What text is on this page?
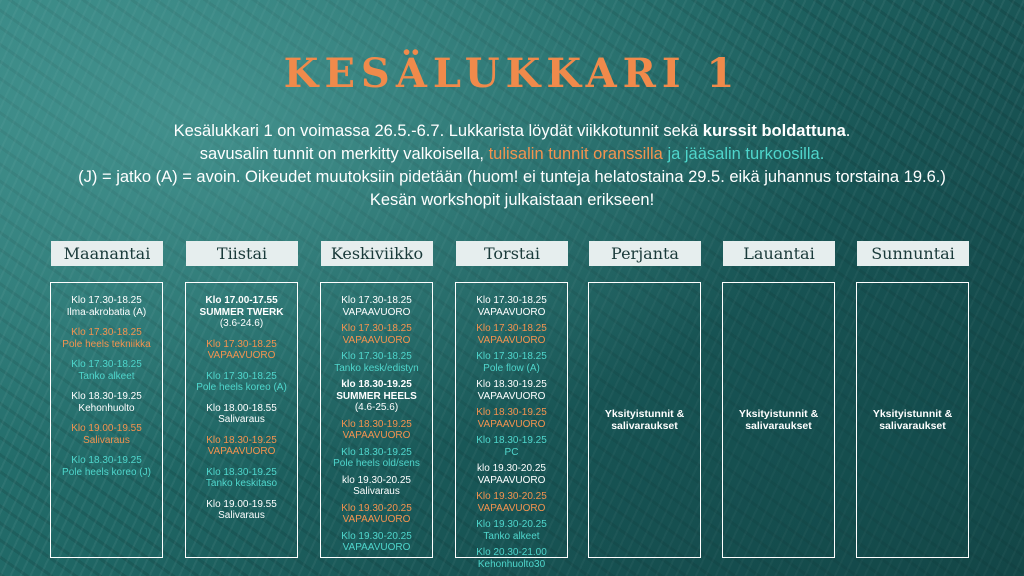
KESÄLUKKARI 1
Kesälukkari 1 on voimassa 26.5.-6.7. Lukkarista löydät viikkotunnit sekä kurssit boldattuna.
savusalin tunnit on merkitty valkoisella, tulisalin tunnit oranssilla ja jääsalin turkoosilla.
(J) = jatko (A) = avoin. Oikeudet muutoksiin pidetään (huom! ei tunteja helatostaina 29.5. eikä juhannus torstaina 19.6.) Kesän workshopit julkaistaan erikseen!
Maanantai
Klo 17.30-18.25
Ilma-akrobatia (A)
Klo 17.30-18.25
Pole heels tekniikka
Klo 17.30-18.25
Tanko alkeet
Klo 18.30-19.25
Kehonhuolto
Klo 19.00-19.55
Salivaraus
Klo 18.30-19.25
Pole heels koreo (J)
Tiistai
Klo 17.00-17.55
SUMMER TWERK
(3.6-24.6)
Klo 17.30-18.25
VAPAAVUORO
Klo 17.30-18.25
Pole heels koreo (A)
Klo 18.00-18.55
Salivaraus
Klo 18.30-19.25
VAPAAVUORO
Klo 18.30-19.25
Tanko keskitaso
Klo 19.00-19.55
Salivaraus
Keskiviikko
Klo 17.30-18.25
VAPAAVUORO
Klo 17.30-18.25
VAPAAVUORO
Klo 17.30-18.25
Tanko kesk/edistyn
klo 18.30-19.25
SUMMER HEELS
(4.6-25.6)
Klo 18.30-19.25
VAPAAVUORO
Klo 18.30-19.25
Pole heels old/sens
klo 19.30-20.25
Salivaraus
Klo 19.30-20.25
VAPAAVUORO
Klo 19.30-20.25
VAPAAVUORO
Torstai
Klo 17.30-18.25
VAPAAVUORO
Klo 17.30-18.25
VAPAAVUORO
Klo 17.30-18.25
Pole flow (A)
Klo 18.30-19.25
VAPAAVUORO
Klo 18.30-19.25
VAPAAVUORO
Klo 18.30-19.25
PC
klo 19.30-20.25
VAPAAVUORO
Klo 19.30-20.25
VAPAAVUORO
Klo 19.30-20.25
Tanko alkeet
Klo 20.30-21.00
Kehonhuolto30
Perjanta
Yksityistunnit &
salivaraukset
Lauantai
Yksityistunnit &
salivaraukset
Sunnuntai
Yksityistunnit &
salivaraukset
